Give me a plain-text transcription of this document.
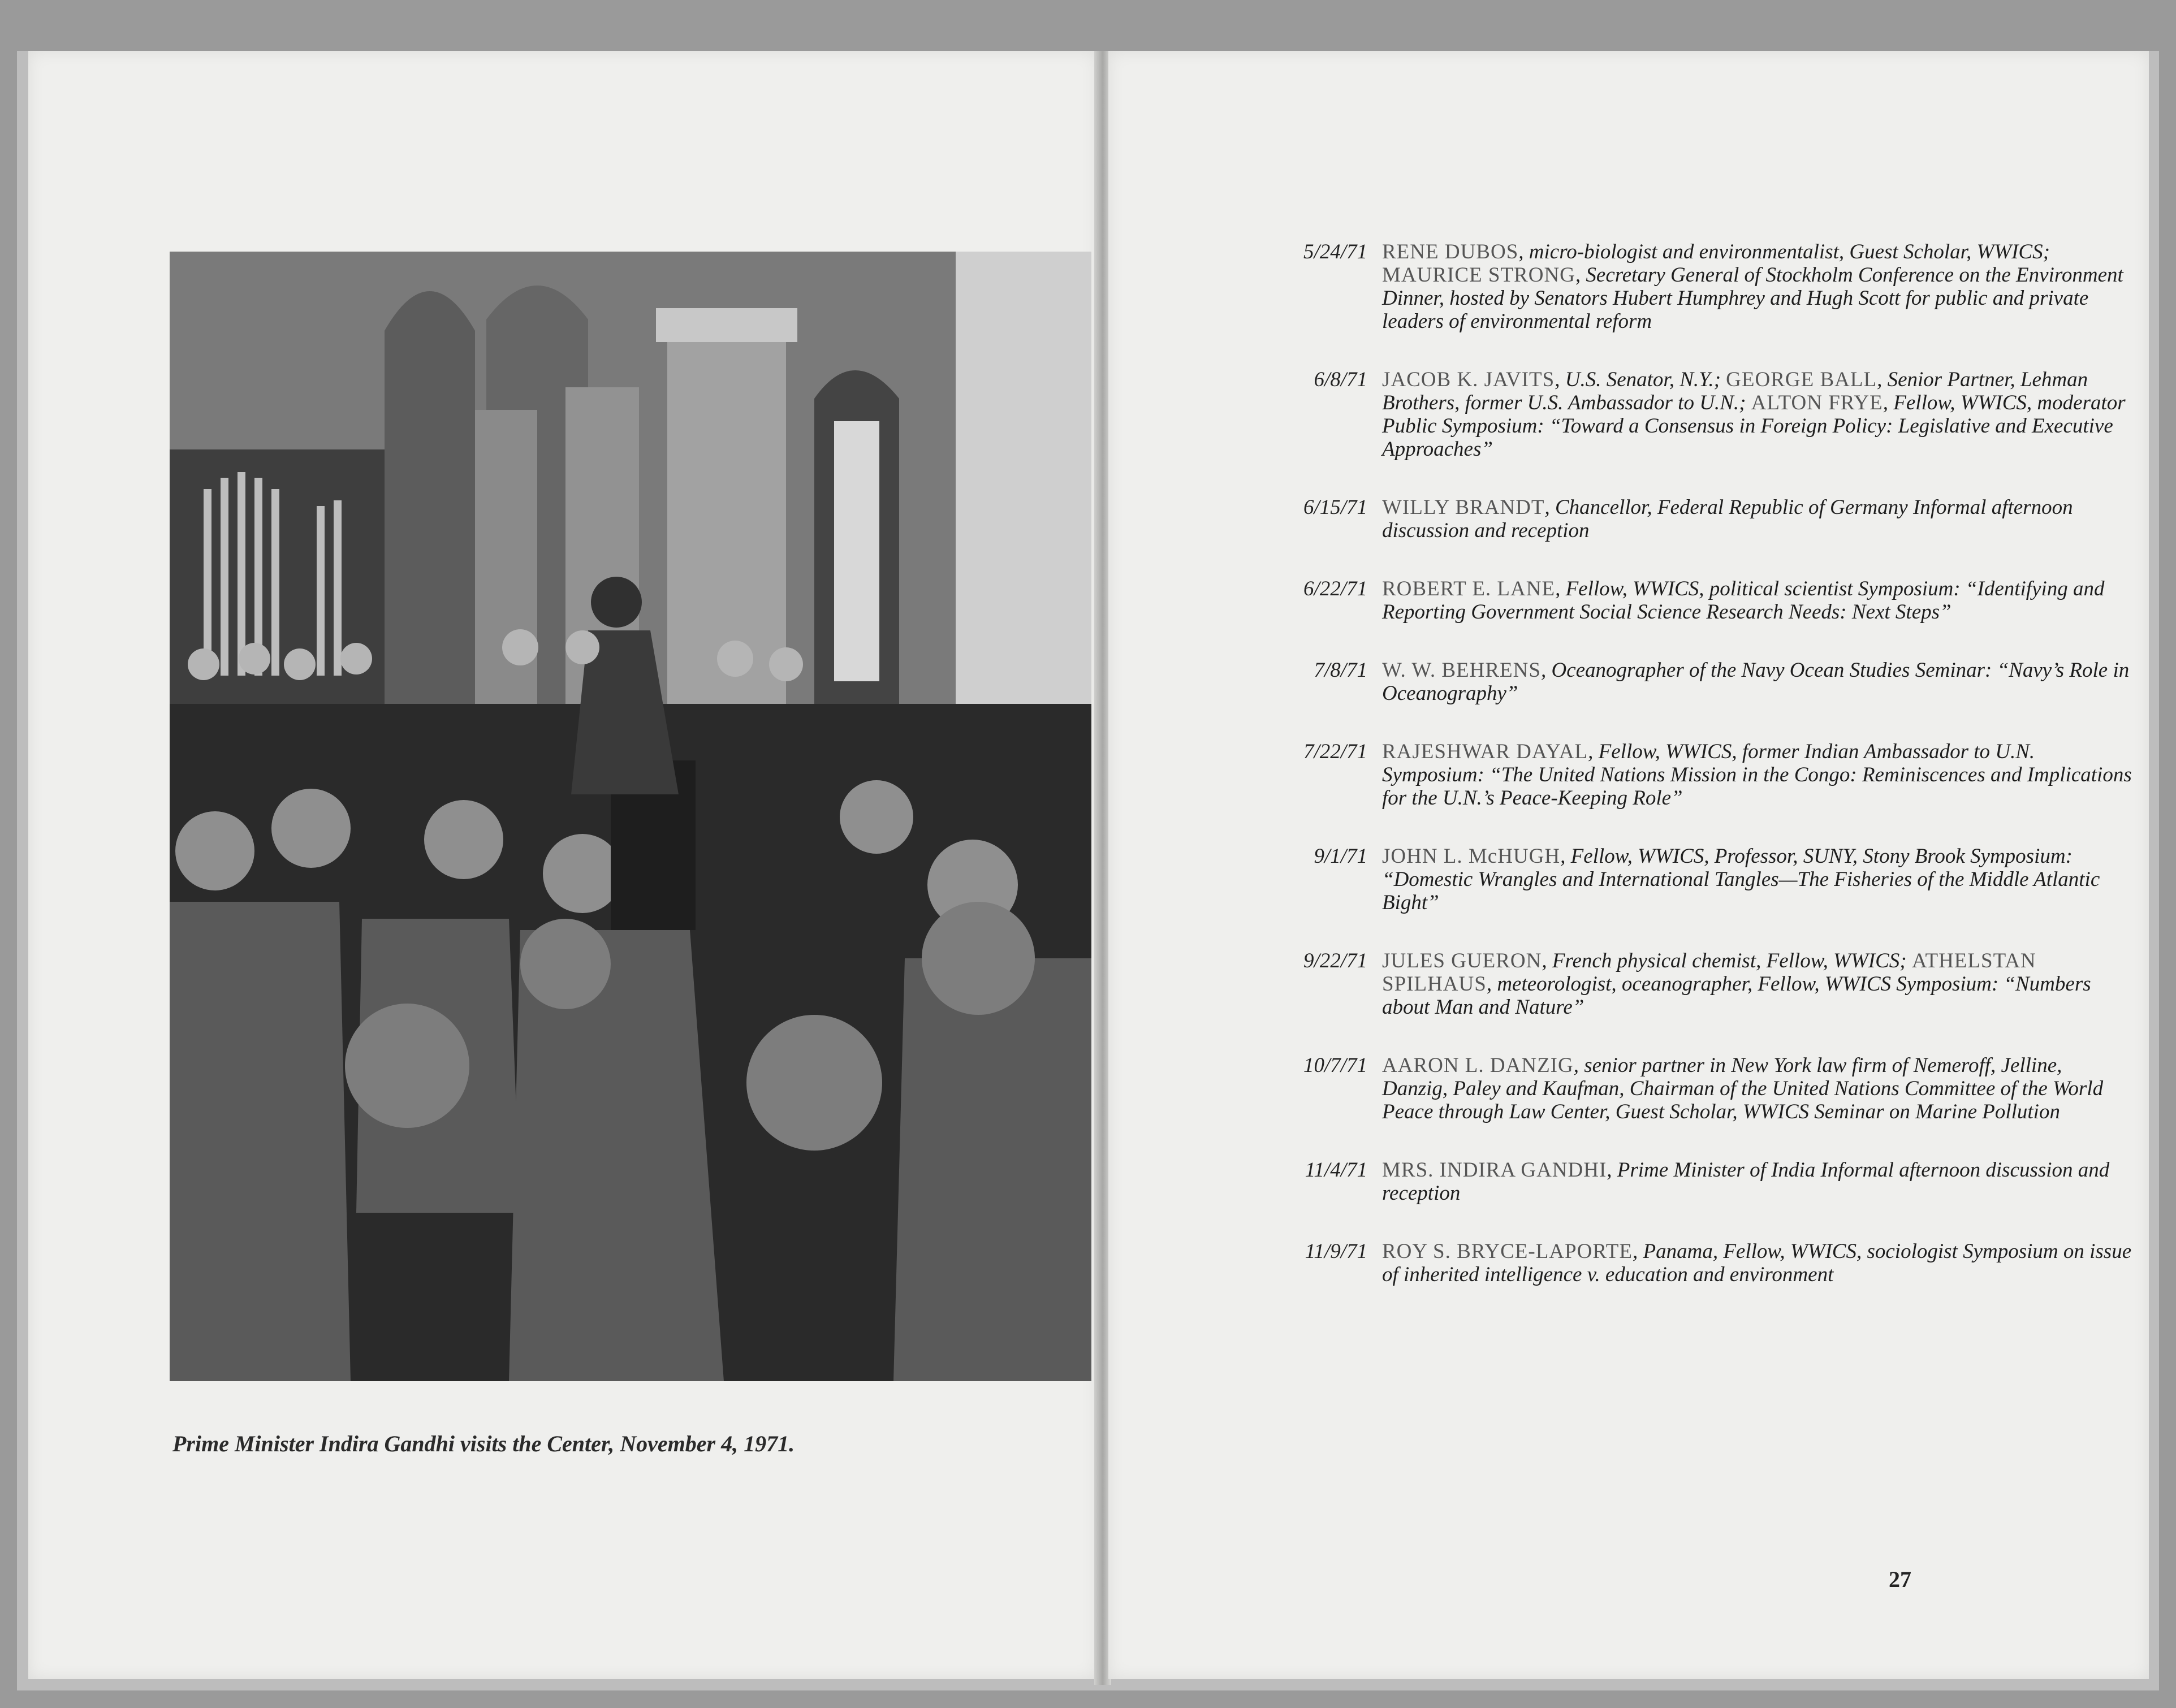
Prime Minister Indira Gandhi visits the Center, November 4, 1971.
5/24/71 RENE DUBOS, micro-biologist and environmentalist, Guest Scholar, WWICS; MAURICE STRONG, Secretary General of Stockholm Conference on the Environment Dinner, hosted by Senators Hubert Humphrey and Hugh Scott for public and private leaders of environmental reform
6/8/71 JACOB K. JAVITS, U.S. Senator, N.Y.; GEORGE BALL, Senior Partner, Lehman Brothers, former U.S. Ambassador to U.N.; ALTON FRYE, Fellow, WWICS, moderator Public Symposium: “Toward a Consensus in Foreign Policy: Legislative and Executive Approaches”
6/15/71 WILLY BRANDT, Chancellor, Federal Republic of Germany Informal afternoon discussion and reception
6/22/71 ROBERT E. LANE, Fellow, WWICS, political scientist Symposium: “Identifying and Reporting Government Social Science Research Needs: Next Steps”
7/8/71 W. W. BEHRENS, Oceanographer of the Navy Ocean Studies Seminar: “Navy’s Role in Oceanography”
7/22/71 RAJESHWAR DAYAL, Fellow, WWICS, former Indian Ambassador to U.N. Symposium: “The United Nations Mission in the Congo: Reminiscences and Implications for the U.N.’s Peace-Keeping Role”
9/1/71 JOHN L. McHUGH, Fellow, WWICS, Professor, SUNY, Stony Brook Symposium: “Domestic Wrangles and International Tangles—The Fisheries of the Middle Atlantic Bight”
9/22/71 JULES GUERON, French physical chemist, Fellow, WWICS; ATHELSTAN SPILHAUS, meteorologist, oceanographer, Fellow, WWICS Symposium: “Numbers about Man and Nature”
10/7/71 AARON L. DANZIG, senior partner in New York law firm of Nemeroff, Jelline, Danzig, Paley and Kaufman, Chairman of the United Nations Committee of the World Peace through Law Center, Guest Scholar, WWICS Seminar on Marine Pollution
11/4/71 MRS. INDIRA GANDHI, Prime Minister of India Informal afternoon discussion and reception
11/9/71 ROY S. BRYCE-LAPORTE, Panama, Fellow, WWICS, sociologist Symposium on issue of inherited intelligence v. education and environment
27
